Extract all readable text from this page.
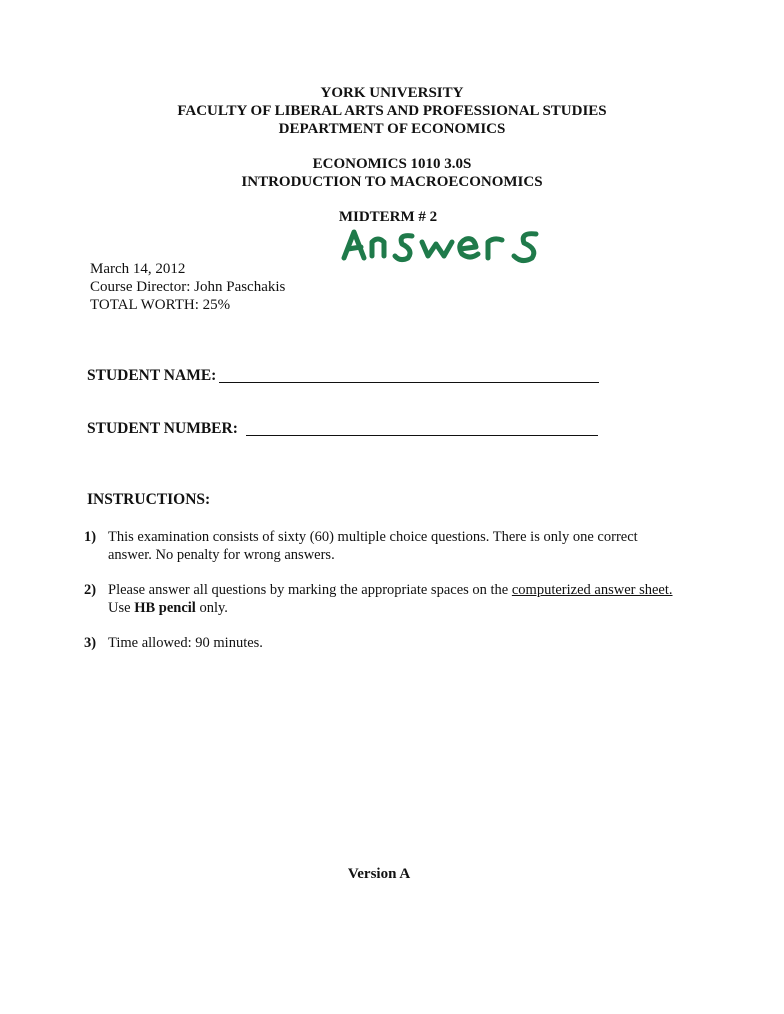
YORK UNIVERSITY
FACULTY OF LIBERAL ARTS AND PROFESSIONAL STUDIES
DEPARTMENT OF ECONOMICS
ECONOMICS 1010 3.0S
INTRODUCTION TO MACROECONOMICS
MIDTERM # 2
March 14, 2012
Course Director: John Paschakis
TOTAL WORTH: 25%
STUDENT NAME:
STUDENT NUMBER:
INSTRUCTIONS:
1) This examination consists of sixty (60) multiple choice questions. There is only one correct answer. No penalty for wrong answers.
2) Please answer all questions by marking the appropriate spaces on the computerized answer sheet. Use HB pencil only.
3) Time allowed: 90 minutes.
Version A
